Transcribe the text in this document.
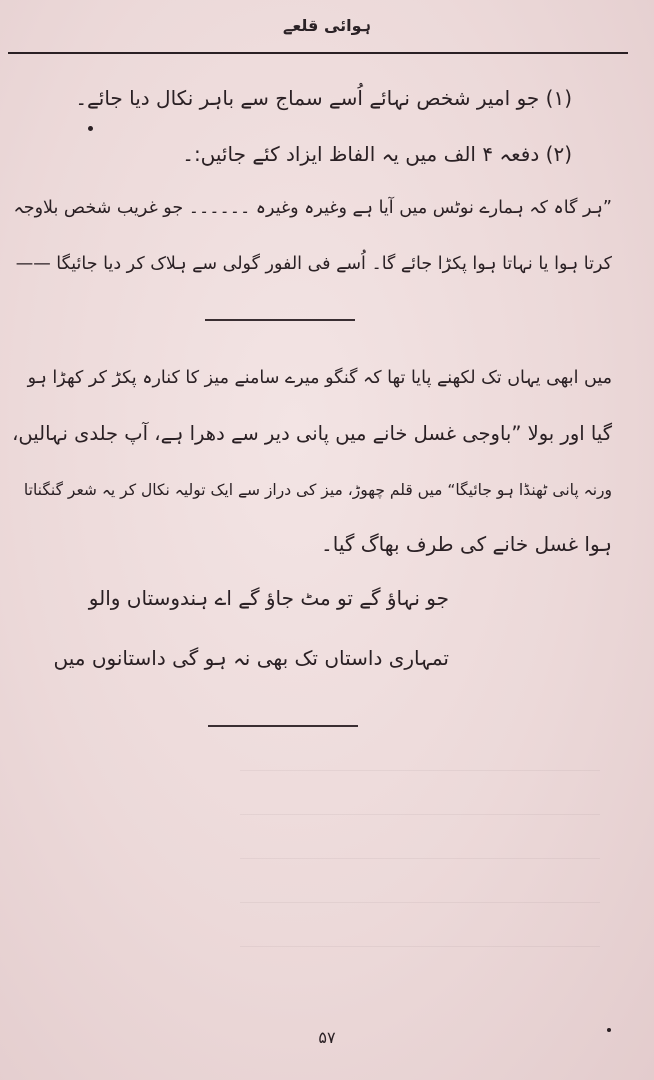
ہوائی قلعے
(۱) جو امیر شخص نہائے اُسے سماج سے باہر نکال دیا جائے۔
(۲) دفعہ ۴ الف میں یہ الفاظ ایزاد کئے جائیں:۔
”ہر گاہ کہ ہمارے نوٹس میں آیا ہے وغیرہ وغیرہ ۔۔۔۔۔۔ جو غریب شخص بلاوجہ
کرتا ہوا یا نہاتا ہوا پکڑا جائے گا۔ اُسے فی الفور گولی سے ہلاک کر دیا جائیگا ——
میں ابھی یہاں تک لکھنے پایا تھا کہ گنگو میرے سامنے میز کا کنارہ پکڑ کر کھڑا ہو
گیا اور بولا ”باوجی غسل خانے میں پانی دیر سے دھرا ہے، آپ جلدی نہالیں،
ورنہ پانی ٹھنڈا ہو جائیگا“ میں قلم چھوڑ، میز کی دراز سے ایک تولیہ نکال کر یہ شعر گنگناتا
ہوا غسل خانے کی طرف بھاگ گیا۔
جو نہاؤ گے تو مٹ جاؤ گے اے ہندوستاں والو
تمہاری داستاں تک بھی نہ ہو گی داستانوں میں
۵۷
